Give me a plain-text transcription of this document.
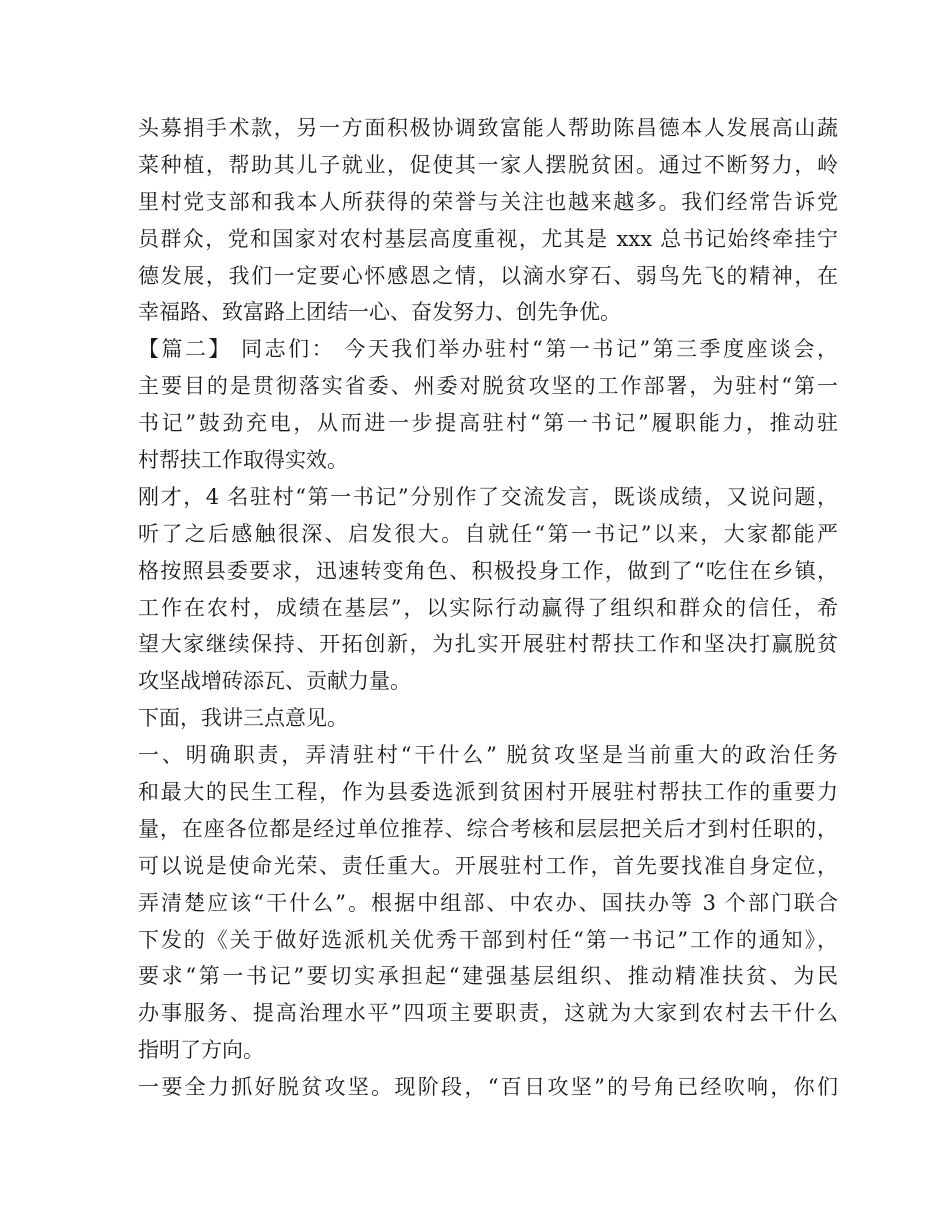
头募捐手术款，另一方面积极协调致富能人帮助陈昌德本人发展高山蔬
菜种植，帮助其儿子就业，促使其一家人摆脱贫困。通过不断努力，岭
里村党支部和我本人所获得的荣誉与关注也越来越多。我们经常告诉党
员群众，党和国家对农村基层高度重视，尤其是 xxx 总书记始终牵挂宁
德发展，我们一定要心怀感恩之情，以滴水穿石、弱鸟先飞的精神，在
幸福路、致富路上团结一心、奋发努力、创先争优。
【篇二】 同志们： 今天我们举办驻村“第一书记”第三季度座谈会，
主要目的是贯彻落实省委、州委对脱贫攻坚的工作部署，为驻村“第一
书记”鼓劲充电，从而进一步提高驻村“第一书记”履职能力，推动驻
村帮扶工作取得实效。
刚才，4 名驻村“第一书记”分别作了交流发言，既谈成绩，又说问题，
听了之后感触很深、启发很大。自就任“第一书记”以来，大家都能严
格按照县委要求，迅速转变角色、积极投身工作，做到了“吃住在乡镇，
工作在农村，成绩在基层”，以实际行动赢得了组织和群众的信任，希
望大家继续保持、开拓创新，为扎实开展驻村帮扶工作和坚决打赢脱贫
攻坚战增砖添瓦、贡献力量。
下面，我讲三点意见。
一、明确职责，弄清驻村“干什么” 脱贫攻坚是当前重大的政治任务
和最大的民生工程，作为县委选派到贫困村开展驻村帮扶工作的重要力
量，在座各位都是经过单位推荐、综合考核和层层把关后才到村任职的，
可以说是使命光荣、责任重大。开展驻村工作，首先要找准自身定位，
弄清楚应该“干什么”。根据中组部、中农办、国扶办等 3 个部门联合
下发的《关于做好选派机关优秀干部到村任“第一书记”工作的通知》，
要求“第一书记”要切实承担起“建强基层组织、推动精准扶贫、为民
办事服务、提高治理水平”四项主要职责，这就为大家到农村去干什么
指明了方向。
一要全力抓好脱贫攻坚。现阶段，“百日攻坚”的号角已经吹响，你们
